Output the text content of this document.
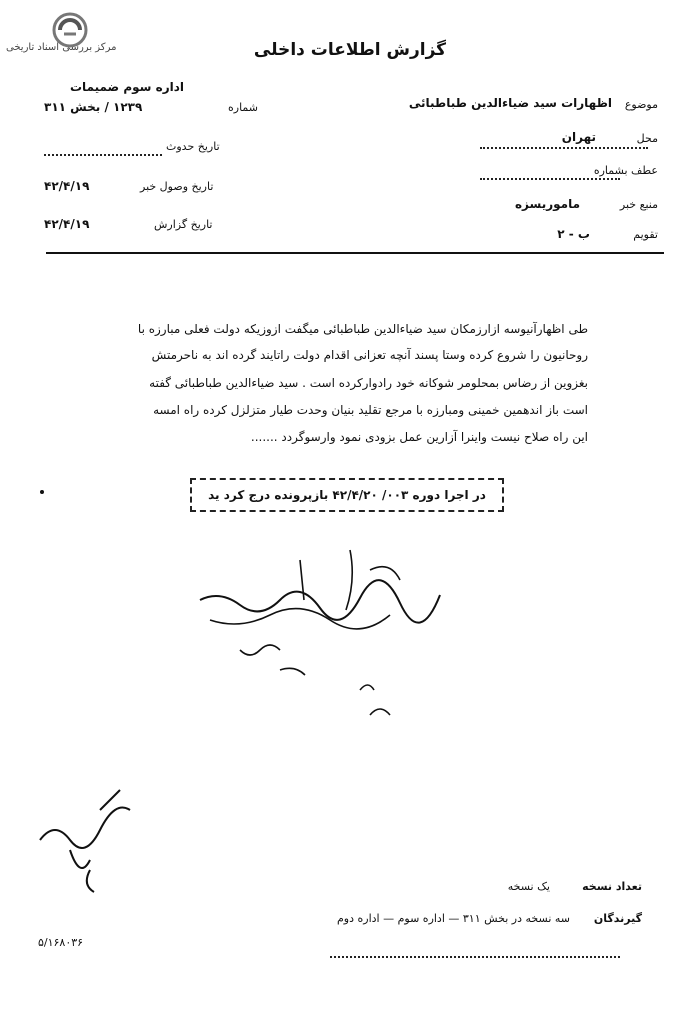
مرکز بررسی اسناد تاریخی	گزارش اطلاعات داخلی
موضوع
اظهارات سید ضیاءالدین طباطبائی
محل
تهران
عطف بشماره
منبع خبر
ماموریسزه
تقویم
ب - ۲
اداره سوم ضمیمات
شماره
۱۲۳۹ / بخش ۳۱۱
تاریخ حدوث
تاریخ وصول خبر
۴۲/۴/۱۹
تاریخ گزارش
۴۲/۴/۱۹
طی اظهارآنیوسه ازارزمکان سید ضیاءالدین طباطبائی میگفت ازوزیکه دولت فعلی مبارزه با
روحانیون را شروع کرده وستا پسند آنچه تعزانی اقدام دولت راتایند گرده اند به ناحرمتش
بغزوین از رضاس بمحلومر شوکانه خود رادوارکرده است . سید ضیاءالدین طباطبائی گفته
است باز اندهمین خمینی ومبارزه با مرجع تقلید بنیان وحدت طیار متزلزل کرده راه امسه
این راه صلاح نیست واینرا آزارین عمل بزودی نمود وارسوگردد .......
در اجرا دوره ۰۰۳/ ۴۲/۴/۲۰ بازپرونده درج کرد ید
تعداد نسخه
یک نسخه
گیرندگان
سه نسخه در بخش ۳۱۱ — اداره سوم — اداره دوم
۵/۱۶۸۰۳۶
